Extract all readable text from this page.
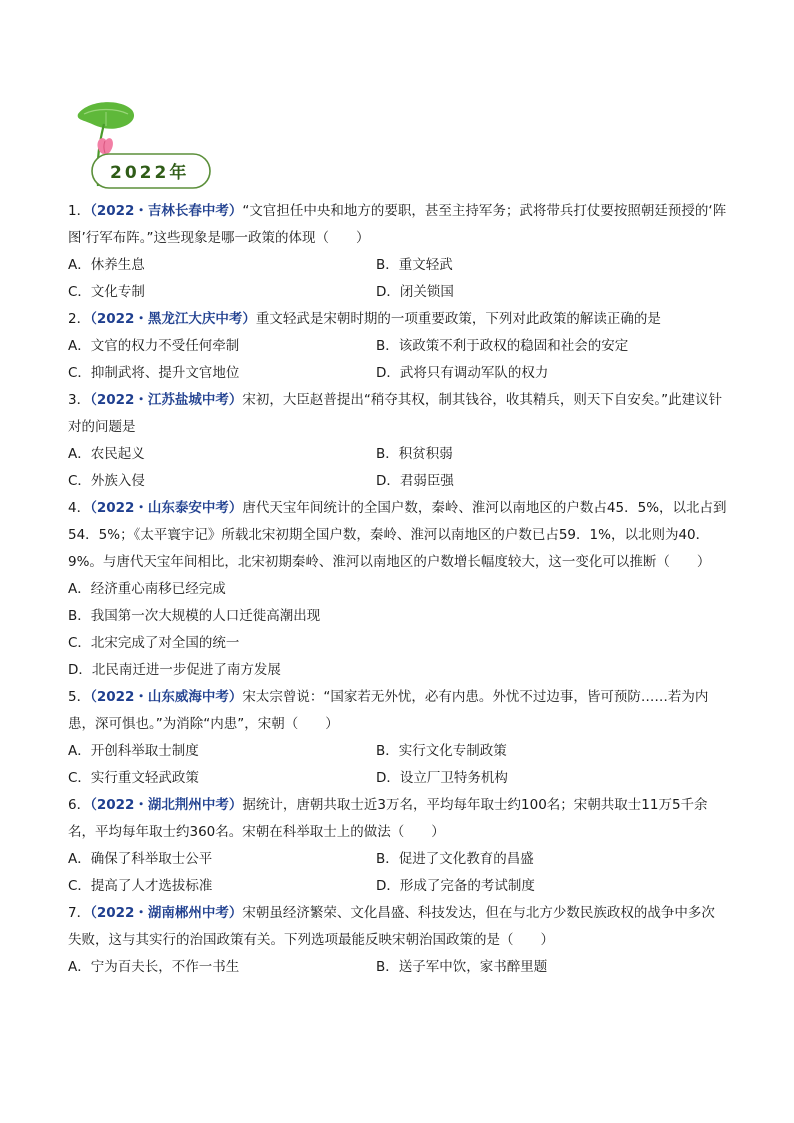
2022年
1．（2022・吉林长春中考）“文官担任中央和地方的要职，甚至主持军务；武将带兵打仗要按照朝廷预授的‘阵图’行军布阵。”这些现象是哪一政策的体现（　　）
A．休养生息	B．重文轻武
C．文化专制	D．闭关锁国
2．（2022・黑龙江大庆中考）重文轻武是宋朝时期的一项重要政策，下列对此政策的解读正确的是
A．文官的权力不受任何牵制	B．该政策不利于政权的稳固和社会的安定
C．抑制武将、提升文官地位	D．武将只有调动军队的权力
3．（2022・江苏盐城中考）宋初，大臣赵普提出“稍夺其权，制其钱谷，收其精兵，则天下自安矣。”此建议针对的问题是
A．农民起义	B．积贫积弱
C．外族入侵	D．君弱臣强
4．（2022・山东泰安中考）唐代天宝年间统计的全国户数，秦岭、淮河以南地区的户数占45．5%，以北占到54．5%；《太平寰宇记》所载北宋初期全国户数，秦岭、淮河以南地区的户数已占59．1%，以北则为40．9%。与唐代天宝年间相比，北宋初期秦岭、淮河以南地区的户数增长幅度较大，这一变化可以推断（　　）
A．经济重心南移已经完成
B．我国第一次大规模的人口迁徙高潮出现
C．北宋完成了对全国的统一
D．北民南迁进一步促进了南方发展
5．（2022・山东威海中考）宋太宗曾说：“国家若无外忧，必有内患。外忧不过边事，皆可预防……若为内患，深可惧也。”为消除“内患”，宋朝（　　）
A．开创科举取士制度	B．实行文化专制政策
C．实行重文轻武政策	D．设立厂卫特务机构
6．（2022・湖北荆州中考）据统计，唐朝共取士近3万名，平均每年取士约100名；宋朝共取士11万5千余名，平均每年取士约360名。宋朝在科举取士上的做法（　　）
A．确保了科举取士公平	B．促进了文化教育的昌盛
C．提高了人才选拔标准	D．形成了完备的考试制度
7．（2022・湖南郴州中考）宋朝虽经济繁荣、文化昌盛、科技发达，但在与北方少数民族政权的战争中多次失败，这与其实行的治国政策有关。下列选项最能反映宋朝治国政策的是（　　）
A．宁为百夫长，不作一书生	B．送子军中饮，家书醉里题
